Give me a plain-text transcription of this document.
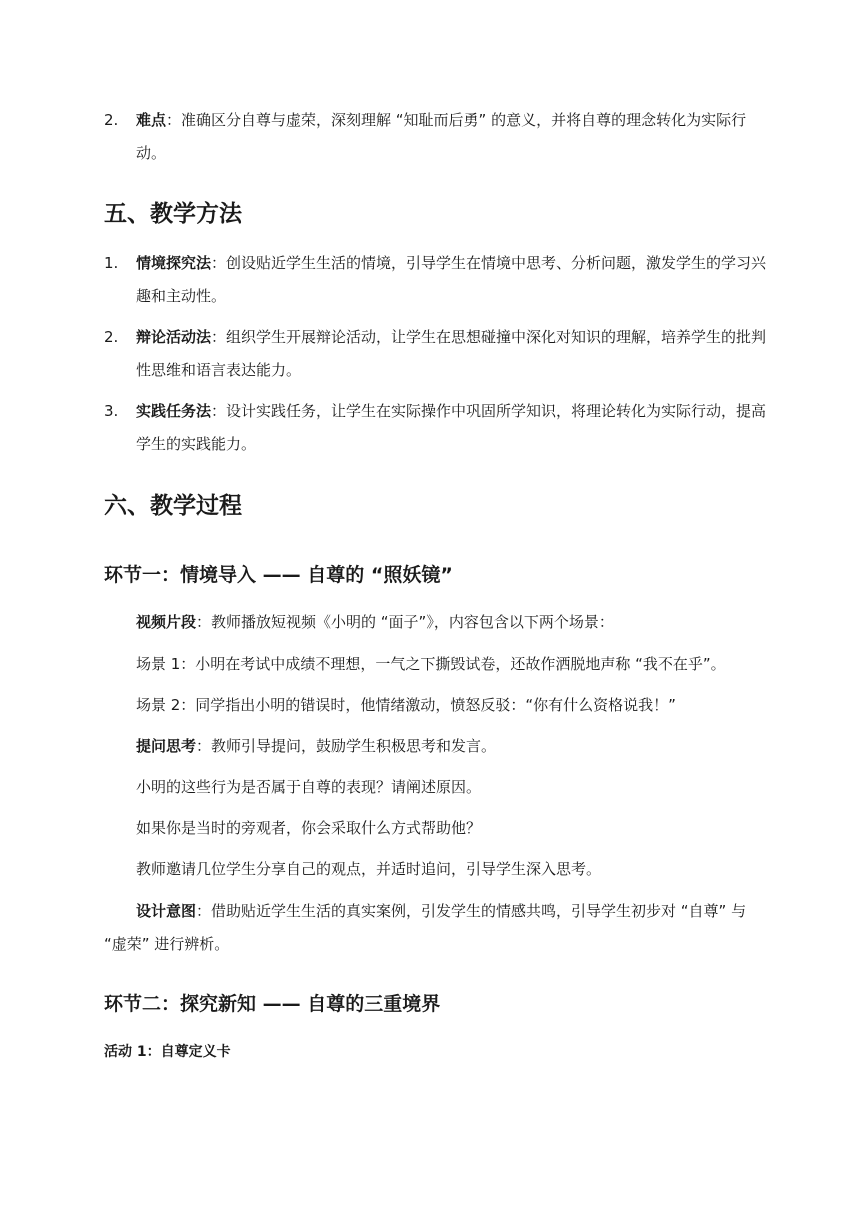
2.	难点：准确区分自尊与虚荣，深刻理解 “知耻而后勇” 的意义，并将自尊的理念转化为实际行动。
五、教学方法
1.	情境探究法：创设贴近学生生活的情境，引导学生在情境中思考、分析问题，激发学生的学习兴趣和主动性。
2.	辩论活动法：组织学生开展辩论活动，让学生在思想碰撞中深化对知识的理解，培养学生的批判性思维和语言表达能力。
3.	实践任务法：设计实践任务，让学生在实际操作中巩固所学知识，将理论转化为实际行动，提高学生的实践能力。
六、教学过程
环节一：情境导入 —— 自尊的 “照妖镜”
视频片段：教师播放短视频《小明的 “面子”》，内容包含以下两个场景：
场景 1：小明在考试中成绩不理想，一气之下撕毁试卷，还故作洒脱地声称 “我不在乎”。
场景 2：同学指出小明的错误时，他情绪激动，愤怒反驳：“你有什么资格说我！”
提问思考：教师引导提问，鼓励学生积极思考和发言。
小明的这些行为是否属于自尊的表现？请阐述原因。
如果你是当时的旁观者，你会采取什么方式帮助他？
教师邀请几位学生分享自己的观点，并适时追问，引导学生深入思考。
设计意图：借助贴近学生生活的真实案例，引发学生的情感共鸣，引导学生初步对 “自尊” 与 “虚荣” 进行辨析。
环节二：探究新知 —— 自尊的三重境界
活动 1：自尊定义卡
